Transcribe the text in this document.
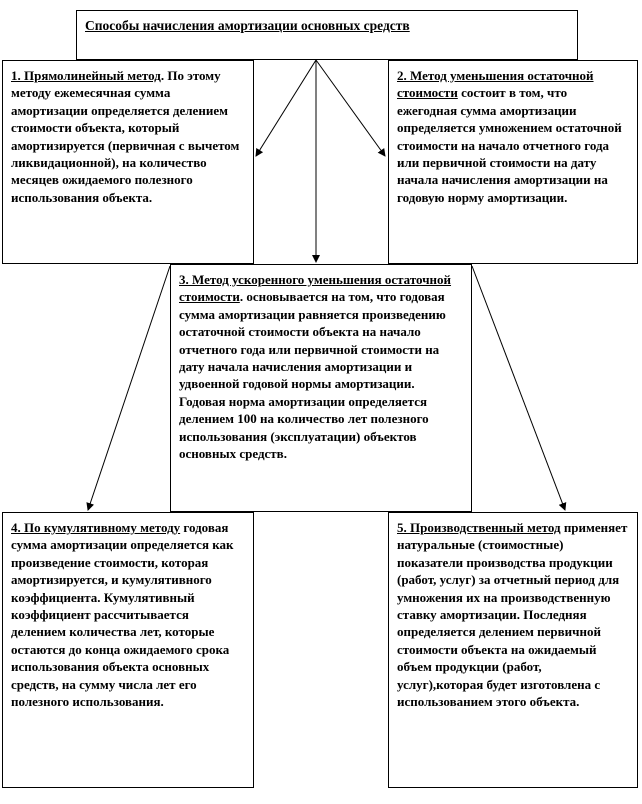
Способы начисления амортизации основных средств
1. Прямолинейный метод. По этому методу ежемесячная сумма амортизации определяется делением стоимости объекта, который амортизируется (первичная с вычетом ликвидационной), на количество месяцев ожидаемого полезного использования объекта.
2. Метод уменьшения остаточной стоимости состоит в том, что ежегодная сумма амортизации определяется умножением остаточной стоимости на начало отчетного года или первичной стоимости на дату начала начисления амортизации на годовую норму амортизации.
3. Метод ускоренного уменьшения остаточной стоимости. основывается на том, что годовая сумма амортизации равняется произведению остаточной стоимости объекта на начало отчетного года или первичной стоимости на дату начала начисления амортизации и удвоенной годовой нормы амортизации. Годовая норма амортизации определяется делением 100 на количество лет полезного использования (эксплуатации) объектов основных средств.
4. По кумулятивному методу годовая сумма амортизации определяется как произведение стоимости, которая амортизируется, и кумулятивного коэффициента. Кумулятивный коэффициент рассчитывается делением количества лет, которые остаются до конца ожидаемого срока использования объекта основных средств, на сумму числа лет его полезного использования.
5. Производственный метод применяет натуральные (стоимостные) показатели производства продукции (работ, услуг) за отчетный период для умножения их на производственную ставку амортизации. Последняя определяется делением первичной стоимости объекта на ожидаемый объем продукции (работ, услуг),которая будет изготовлена с использованием этого объекта.
